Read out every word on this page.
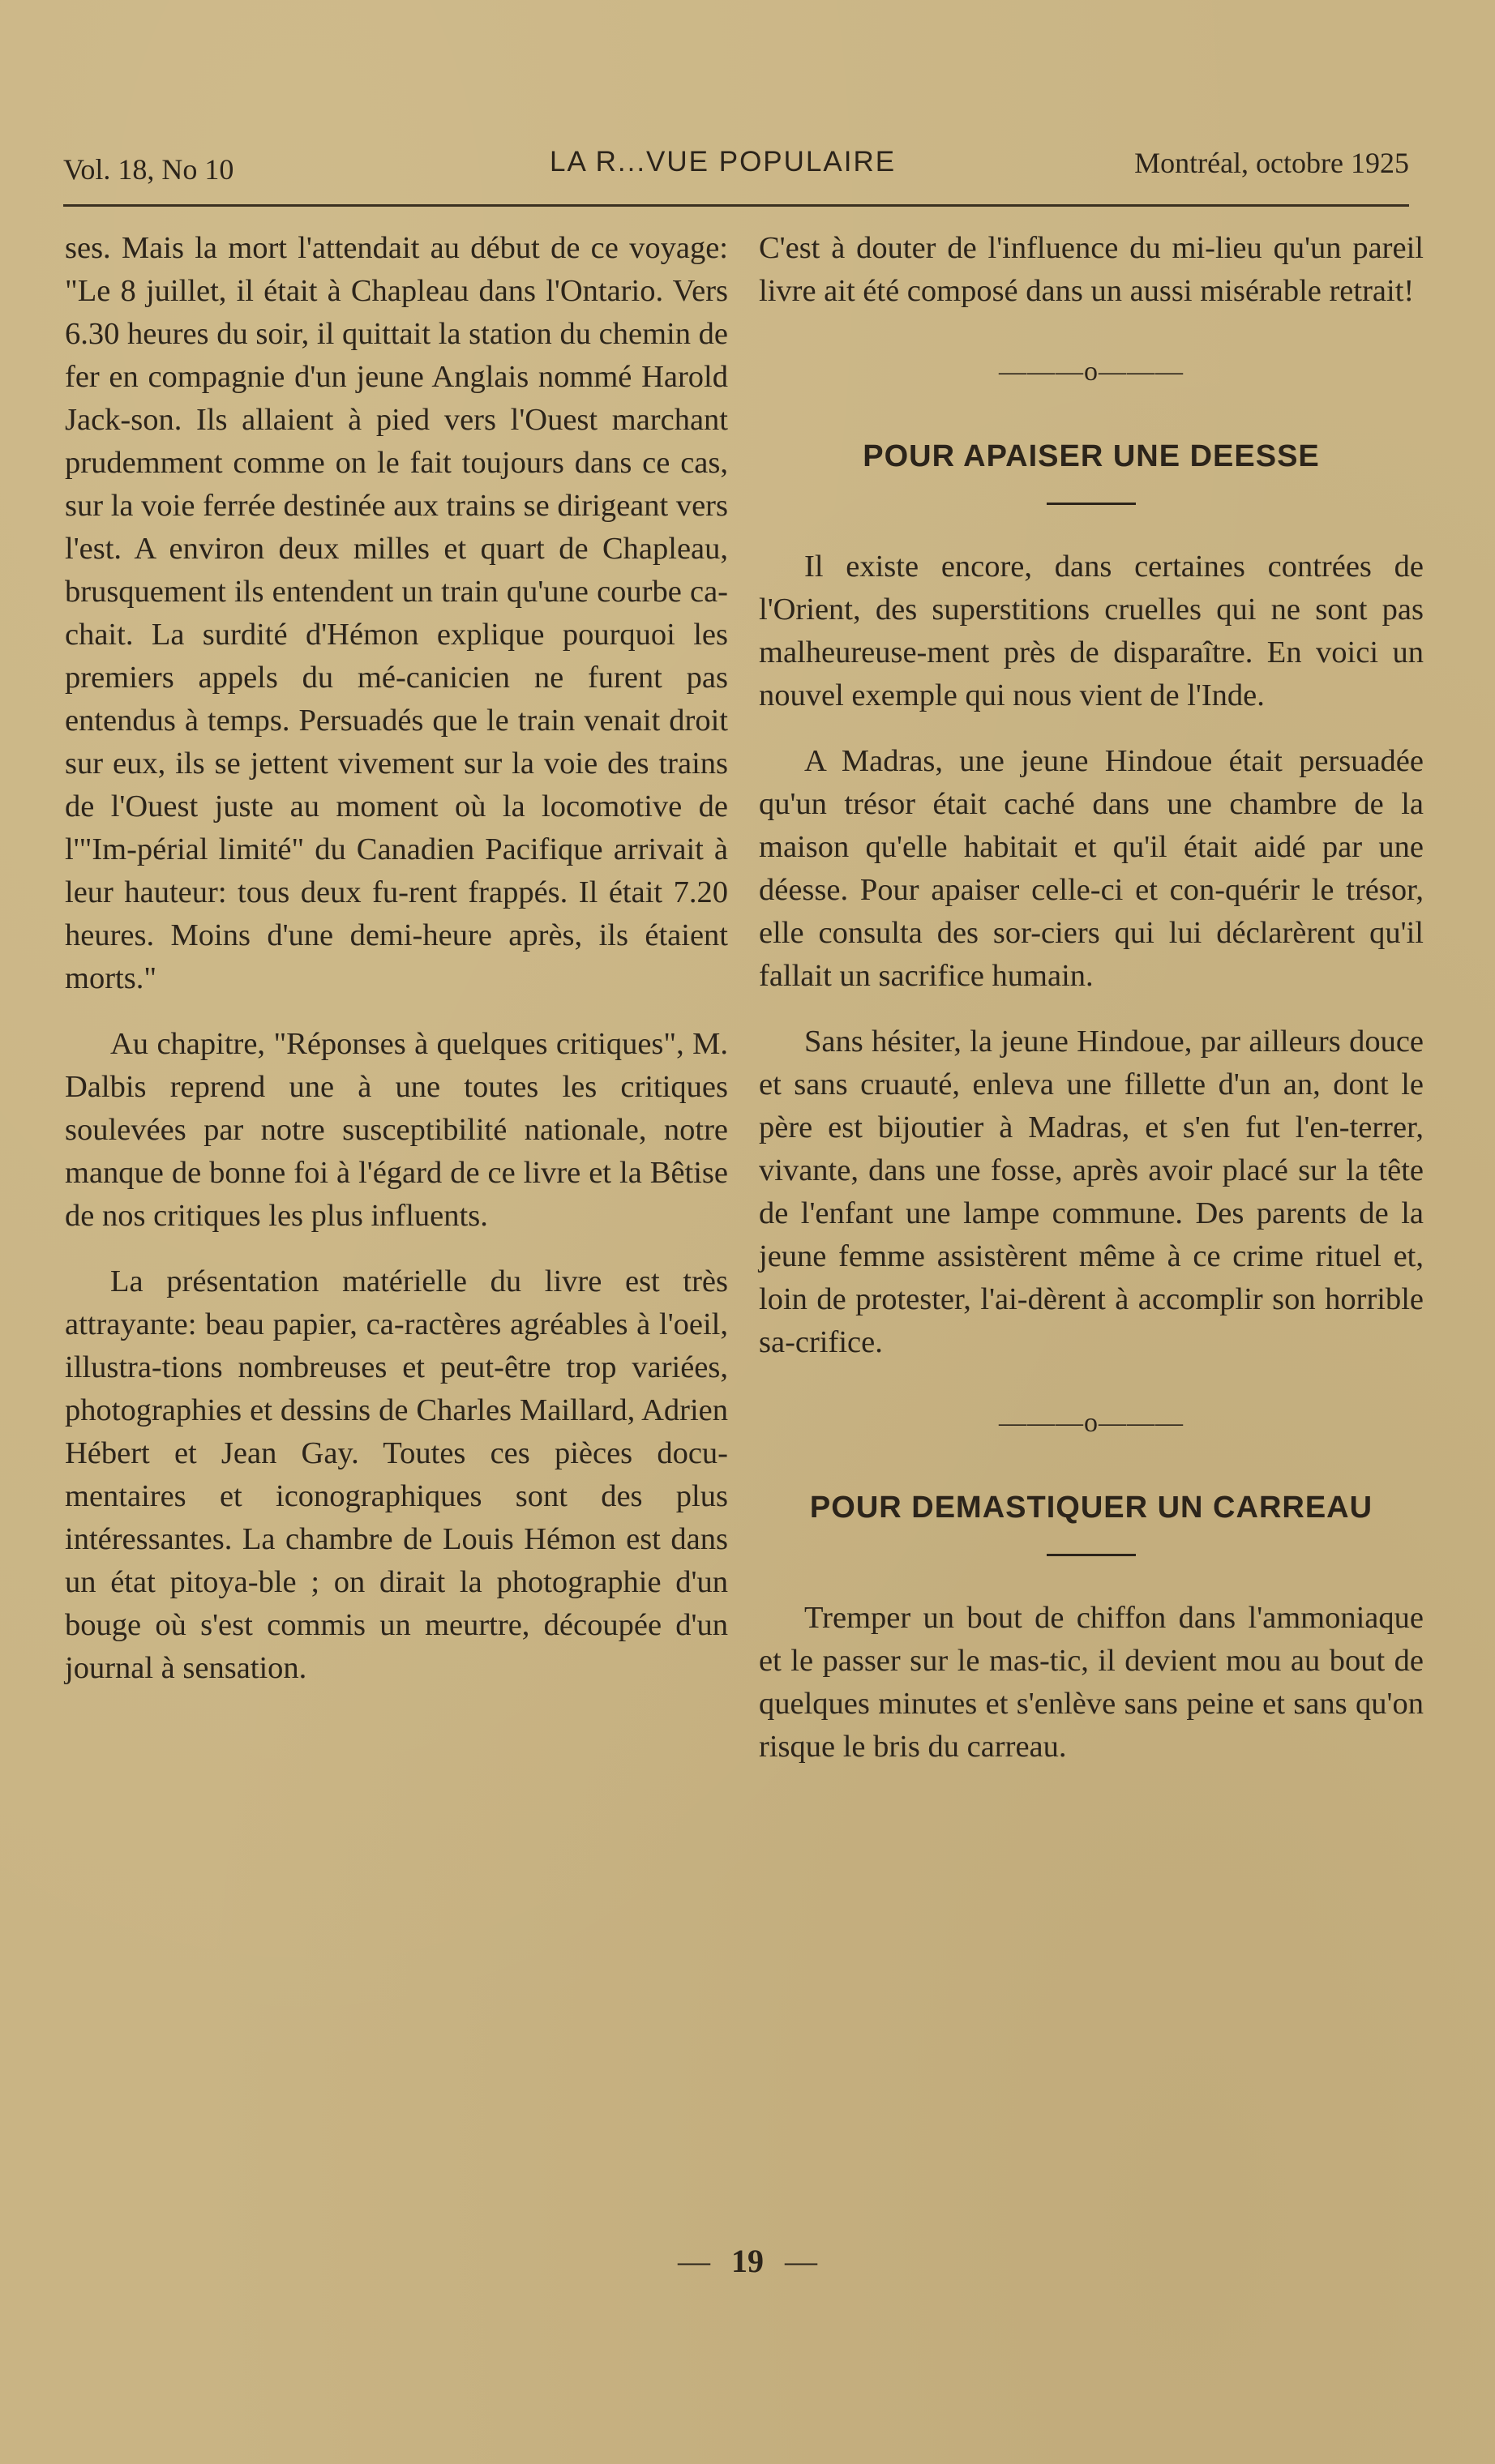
Vol. 18, No 10	LA R...VUE POPULAIRE	Montréal, octobre 1925

ses. Mais la mort l'attendait au début de ce voyage: "Le 8 juillet, il était à Chapleau dans l'Ontario. Vers 6.30 heures du soir, il quittait la station du chemin de fer en compagnie d'un jeune Anglais nommé Harold Jack-son. Ils allaient à pied vers l'Ouest marchant prudemment comme on le fait toujours dans ce cas, sur la voie ferrée destinée aux trains se dirigeant vers l'est. A environ deux milles et quart de Chapleau, brusquement ils entendent un train qu'une courbe ca-chait. La surdité d'Hémon explique pourquoi les premiers appels du mé-canicien ne furent pas entendus à temps. Persuadés que le train venait droit sur eux, ils se jettent vivement sur la voie des trains de l'Ouest juste au moment où la locomotive de l'"Im-périal limité" du Canadien Pacifique arrivait à leur hauteur: tous deux fu-rent frappés. Il était 7.20 heures. Moins d'une demi-heure après, ils étaient morts."

Au chapitre, "Réponses à quelques critiques", M. Dalbis reprend une à une toutes les critiques soulevées par notre susceptibilité nationale, notre manque de bonne foi à l'égard de ce livre et la Bêtise de nos critiques les plus influents.

La présentation matérielle du livre est très attrayante: beau papier, ca-ractères agréables à l'oeil, illustra-tions nombreuses et peut-être trop variées, photographies et dessins de Charles Maillard, Adrien Hébert et Jean Gay. Toutes ces pièces docu-mentaires et iconographiques sont des plus intéressantes. La chambre de Louis Hémon est dans un état pitoya-ble ; on dirait la photographie d'un bouge où s'est commis un meurtre, découpée d'un journal à sensation.

C'est à douter de l'influence du mi-lieu qu'un pareil livre ait été composé dans un aussi misérable retrait!

———o———
POUR APAISER UNE DEESSE

Il existe encore, dans certaines contrées de l'Orient, des superstitions cruelles qui ne sont pas malheureuse-ment près de disparaître. En voici un nouvel exemple qui nous vient de l'Inde.

A Madras, une jeune Hindoue était persuadée qu'un trésor était caché dans une chambre de la maison qu'elle habitait et qu'il était aidé par une déesse. Pour apaiser celle-ci et con-quérir le trésor, elle consulta des sor-ciers qui lui déclarèrent qu'il fallait un sacrifice humain.

Sans hésiter, la jeune Hindoue, par ailleurs douce et sans cruauté, enleva une fillette d'un an, dont le père est bijoutier à Madras, et s'en fut l'en-terrer, vivante, dans une fosse, après avoir placé sur la tête de l'enfant une lampe commune. Des parents de la jeune femme assistèrent même à ce crime rituel et, loin de protester, l'ai-dèrent à accomplir son horrible sa-crifice.

———o———
POUR DEMASTIQUER UN CARREAU

Tremper un bout de chiffon dans l'ammoniaque et le passer sur le mas-tic, il devient mou au bout de quelques minutes et s'enlève sans peine et sans qu'on risque le bris du carreau.

— 19 —
